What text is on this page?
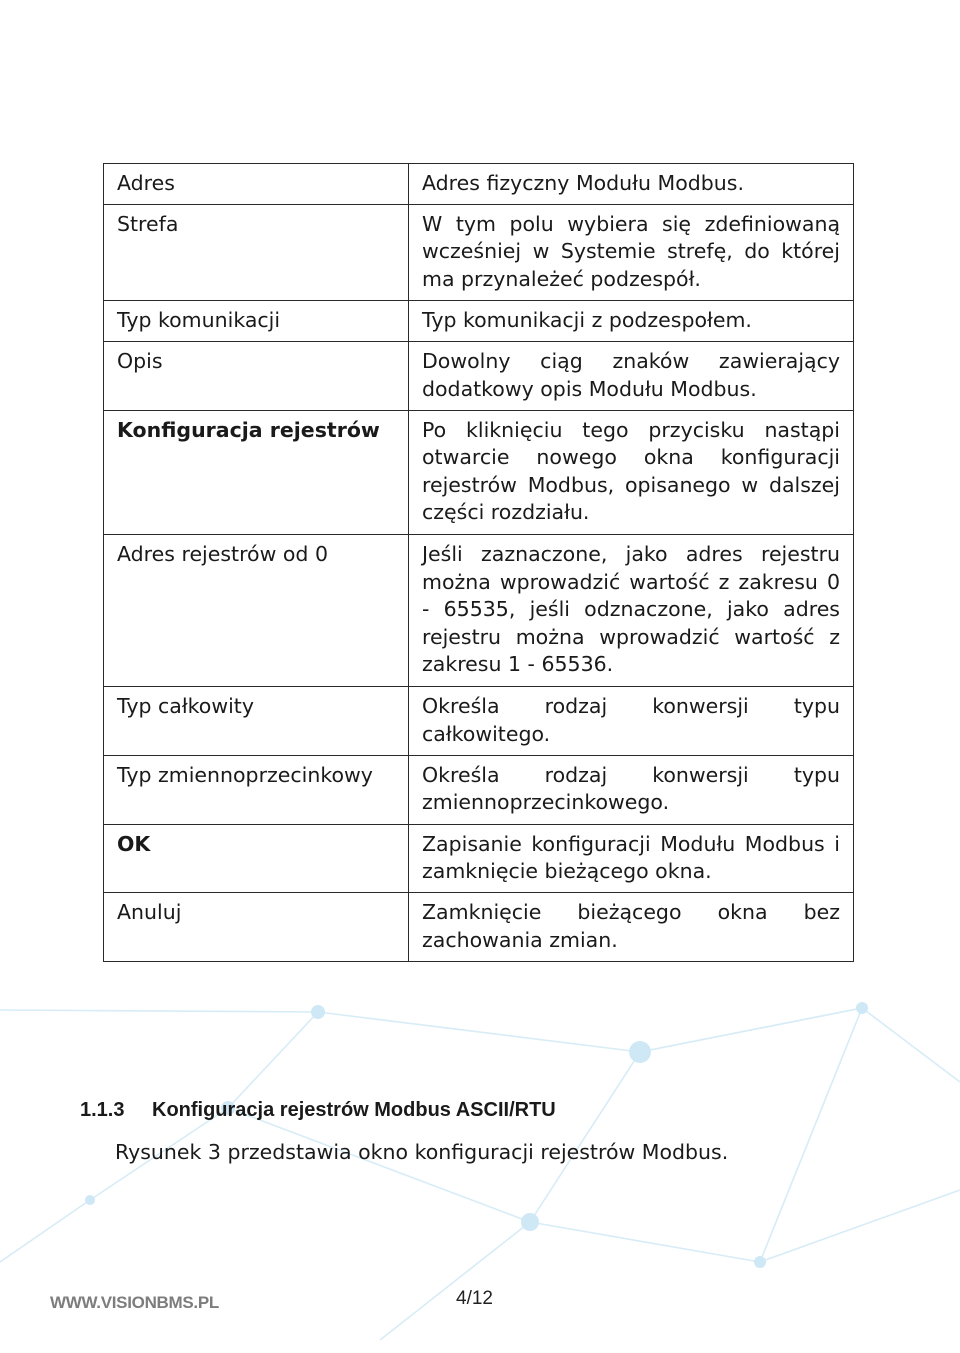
Adres	Adres fizyczny Modułu Modbus.
Strefa	W tym polu wybiera się zdefiniowaną wcześniej w Systemie strefę, do której ma przynależeć podzespół.
Typ komunikacji	Typ komunikacji z podzespołem.
Opis	Dowolny ciąg znaków zawierający dodatkowy opis Modułu Modbus.
Konfiguracja rejestrów	Po kliknięciu tego przycisku nastąpi otwarcie nowego okna konfiguracji rejestrów Modbus, opisanego w dalszej części rozdziału.
Adres rejestrów od 0	Jeśli zaznaczone, jako adres rejestru można wprowadzić wartość z zakresu 0 - 65535, jeśli odznaczone, jako adres rejestru można wprowadzić wartość z zakresu 1 - 65536.
Typ całkowity	Określa rodzaj konwersji typu całkowitego.
Typ zmiennoprzecinkowy	Określa rodzaj konwersji typu zmiennoprzecinkowego.
OK	Zapisanie konfiguracji Modułu Modbus i zamknięcie bieżącego okna.
Anuluj	Zamknięcie bieżącego okna bez zachowania zmian.
1.1.3 Konfiguracja rejestrów Modbus ASCII/RTU

Rysunek 3 przedstawia okno konfiguracji rejestrów Modbus.

WWW.VISIONBMS.PL	4/12
